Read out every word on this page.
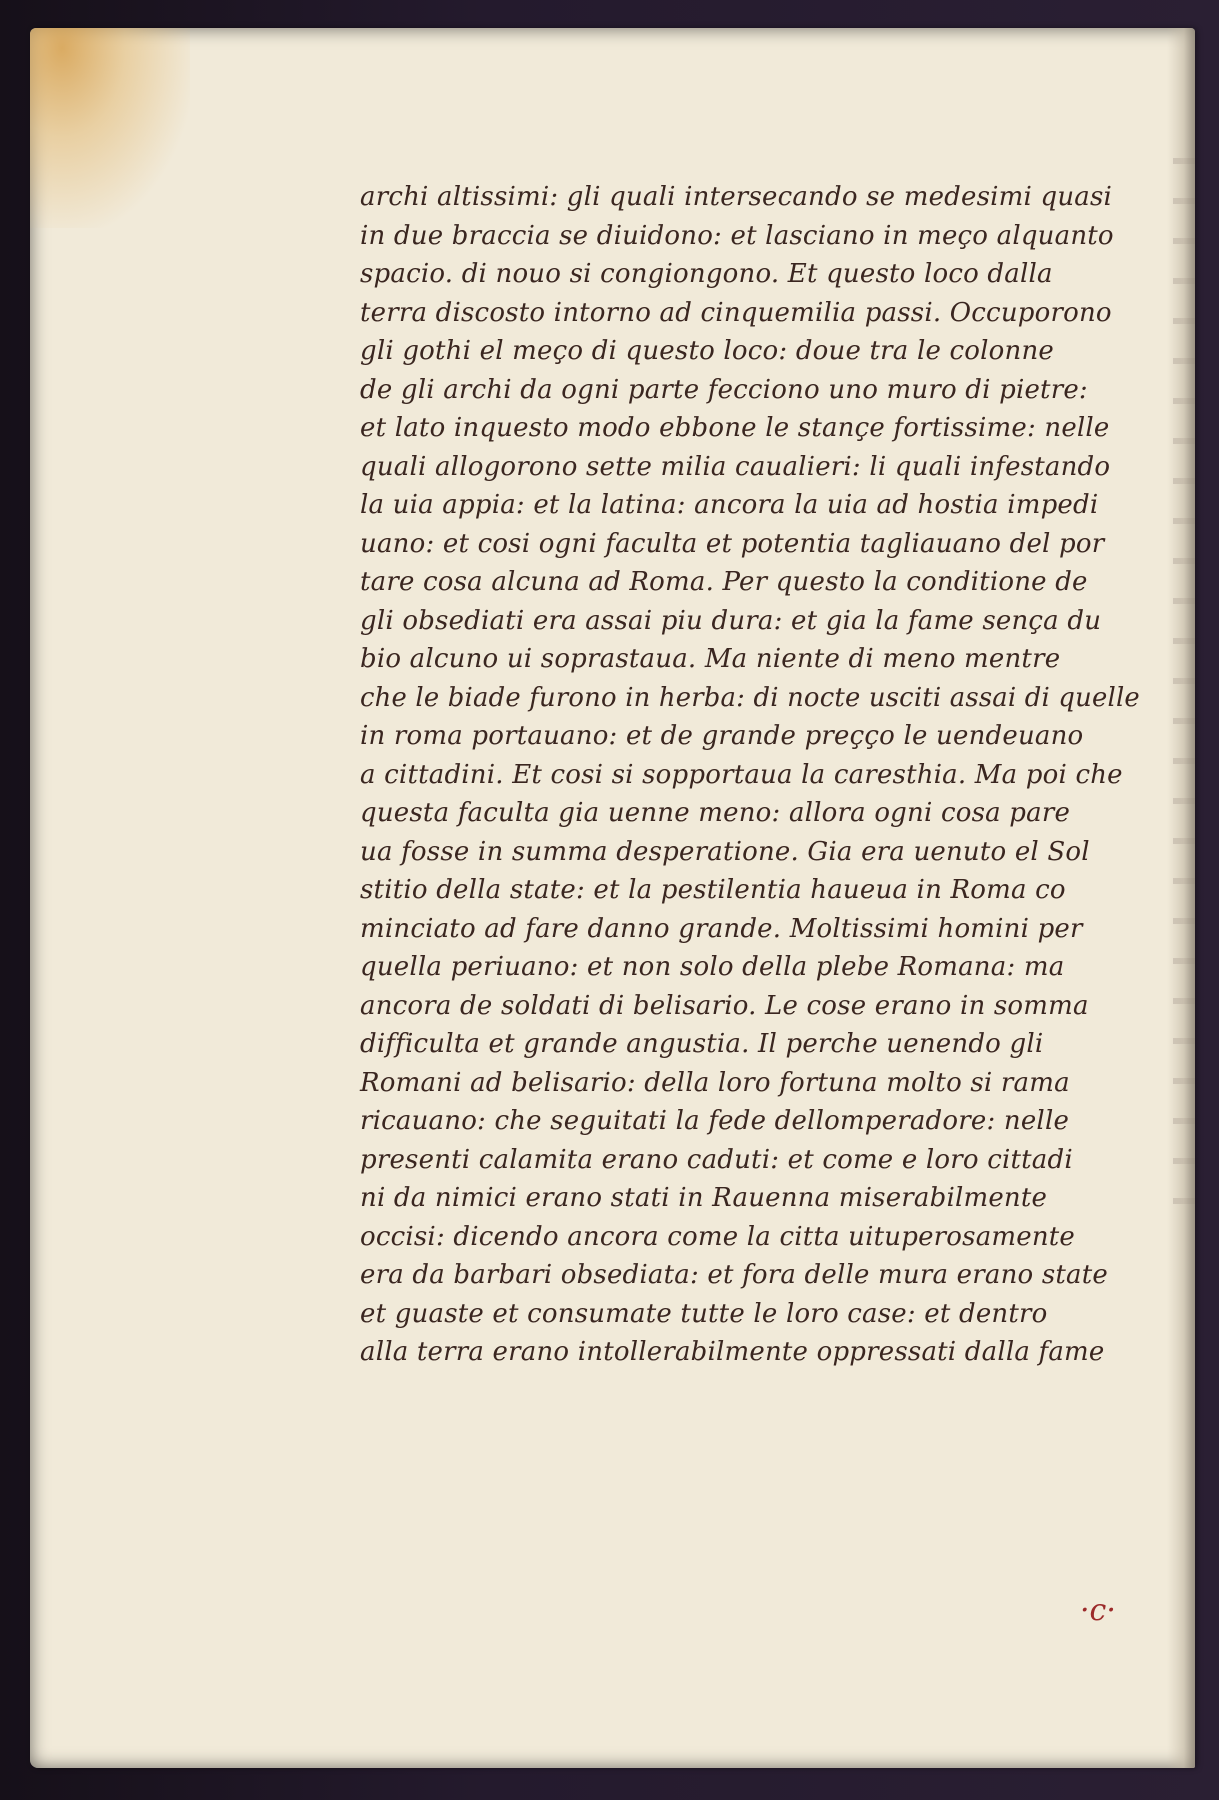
archi altissimi: gli quali intersecando se medesimi quasi
in due braccia se diuidono: et lasciano in meço alquanto
spacio. di nouo si congiongono. Et questo loco dalla
terra discosto intorno ad cinquemilia passi. Occuporono
gli gothi el meço di questo loco: doue tra le colonne
de gli archi da ogni parte fecciono uno muro di pietre:
et lato inquesto modo ebbone le stançe fortissime: nelle
quali allogorono sette milia caualieri: li quali infestando
la uia appia: et la latina: ancora la uia ad hostia impedi
uano: et cosi ogni faculta et potentia tagliauano del por
tare cosa alcuna ad Roma. Per questo la conditione de
gli obsediati era assai piu dura: et gia la fame sença du
bio alcuno ui soprastaua. Ma niente di meno mentre
che le biade furono in herba: di nocte usciti assai di quelle
in roma portauano: et de grande preçço le uendeuano
a cittadini. Et cosi si sopportaua la caresthia. Ma poi che
questa faculta gia uenne meno: allora ogni cosa pare
ua fosse in summa desperatione. Gia era uenuto el Sol
stitio della state: et la pestilentia haueua in Roma co
minciato ad fare danno grande. Moltissimi homini per
quella periuano: et non solo della plebe Romana: ma
ancora de soldati di belisario. Le cose erano in somma
difficulta et grande angustia. Il perche uenendo gli
Romani ad belisario: della loro fortuna molto si rama
ricauano: che seguitati la fede dellomperadore: nelle
presenti calamita erano caduti: et come e loro cittadi
ni da nimici erano stati in Rauenna miserabilmente
occisi: dicendo ancora come la citta uituperosamente
era da barbari obsediata: et fora delle mura erano state
et guaste et consumate tutte le loro case: et dentro
alla terra erano intollerabilmente oppressati dalla fame
·c·
